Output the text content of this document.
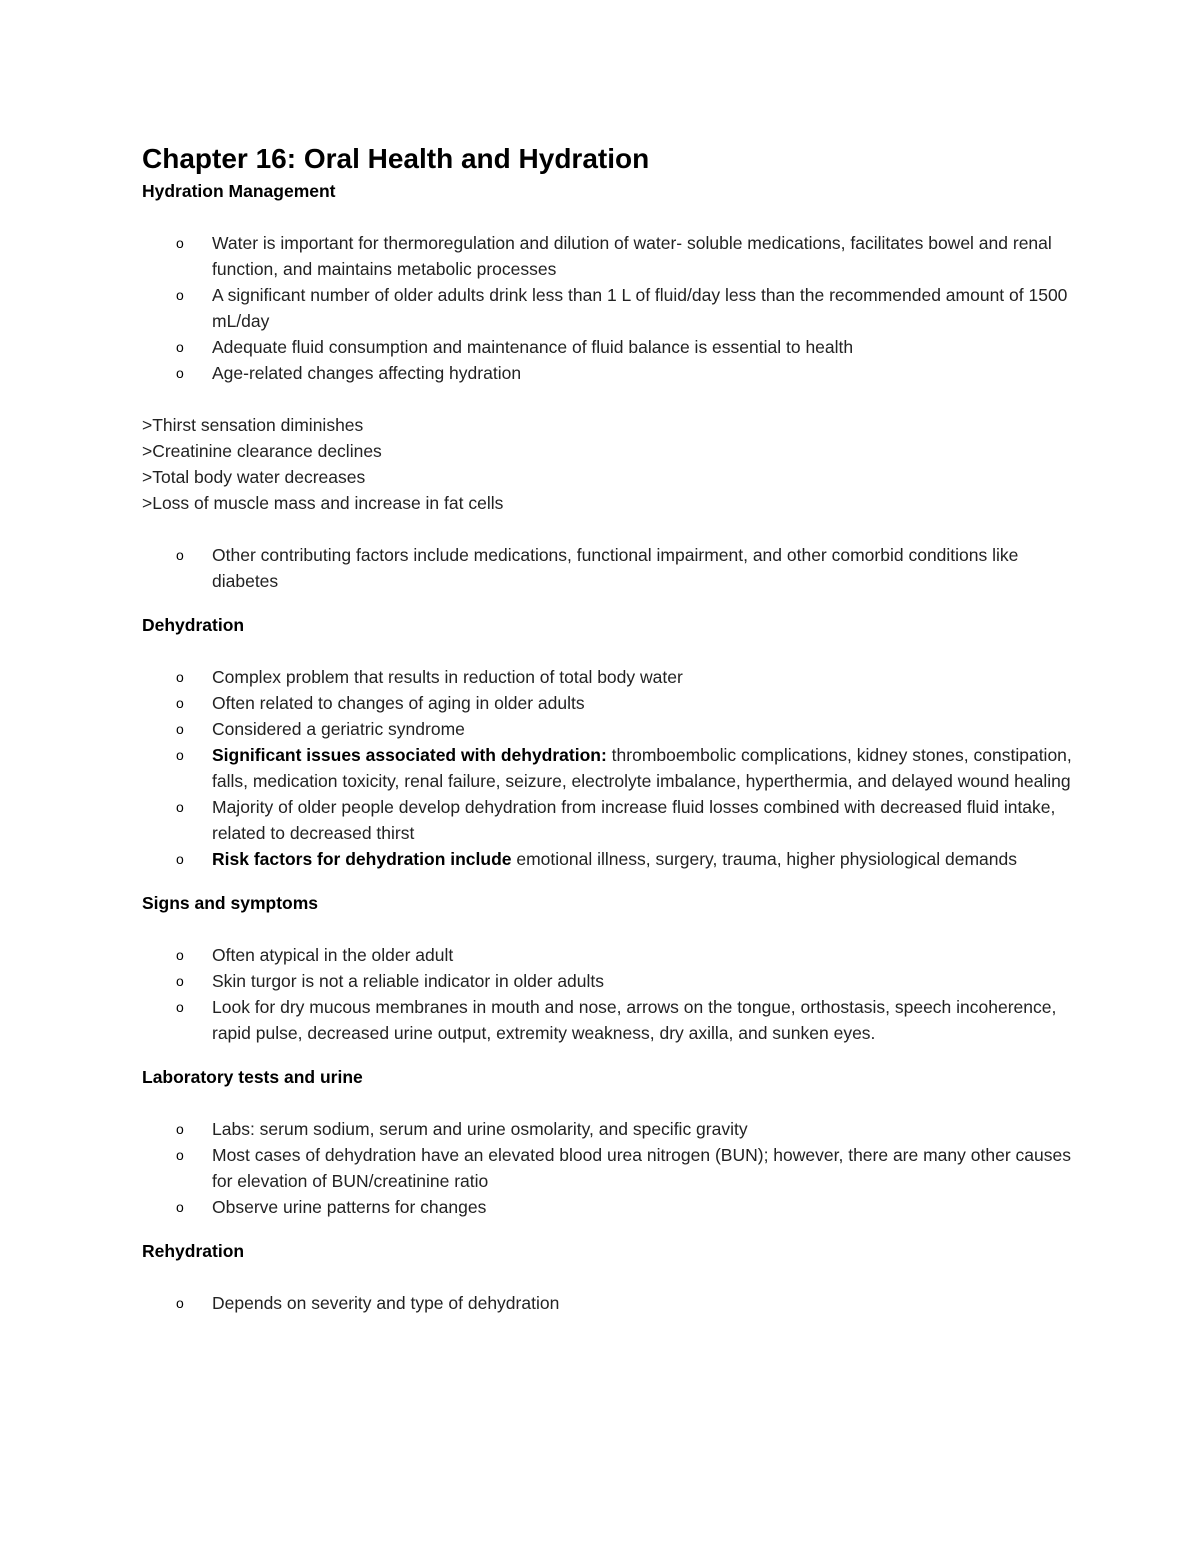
Chapter 16: Oral Health and Hydration
Hydration Management
o	Water is important for thermoregulation and dilution of water- soluble medications, facilitates bowel and renal function, and maintains metabolic processes
o	A significant number of older adults drink less than 1 L of fluid/day less than the recommended amount of 1500 mL/day
o	Adequate fluid consumption and maintenance of fluid balance is essential to health
o	Age-related changes affecting hydration
>Thirst sensation diminishes
>Creatinine clearance declines
>Total body water decreases
>Loss of muscle mass and increase in fat cells
o	Other contributing factors include medications, functional impairment, and other comorbid conditions like diabetes
Dehydration
o	Complex problem that results in reduction of total body water
o	Often related to changes of aging in older adults
o	Considered a geriatric syndrome
o	Significant issues associated with dehydration: thromboembolic complications, kidney stones, constipation, falls, medication toxicity, renal failure, seizure, electrolyte imbalance, hyperthermia, and delayed wound healing
o	Majority of older people develop dehydration from increase fluid losses combined with decreased fluid intake, related to decreased thirst
o	Risk factors for dehydration include emotional illness, surgery, trauma, higher physiological demands
Signs and symptoms
o	Often atypical in the older adult
o	Skin turgor is not a reliable indicator in older adults
o	Look for dry mucous membranes in mouth and nose, arrows on the tongue, orthostasis, speech incoherence, rapid pulse, decreased urine output, extremity weakness, dry axilla, and sunken eyes.
Laboratory tests and urine
o	Labs: serum sodium, serum and urine osmolarity, and specific gravity
o	Most cases of dehydration have an elevated blood urea nitrogen (BUN); however, there are many other causes for elevation of BUN/creatinine ratio
o	Observe urine patterns for changes
Rehydration
o	Depends on severity and type of dehydration
